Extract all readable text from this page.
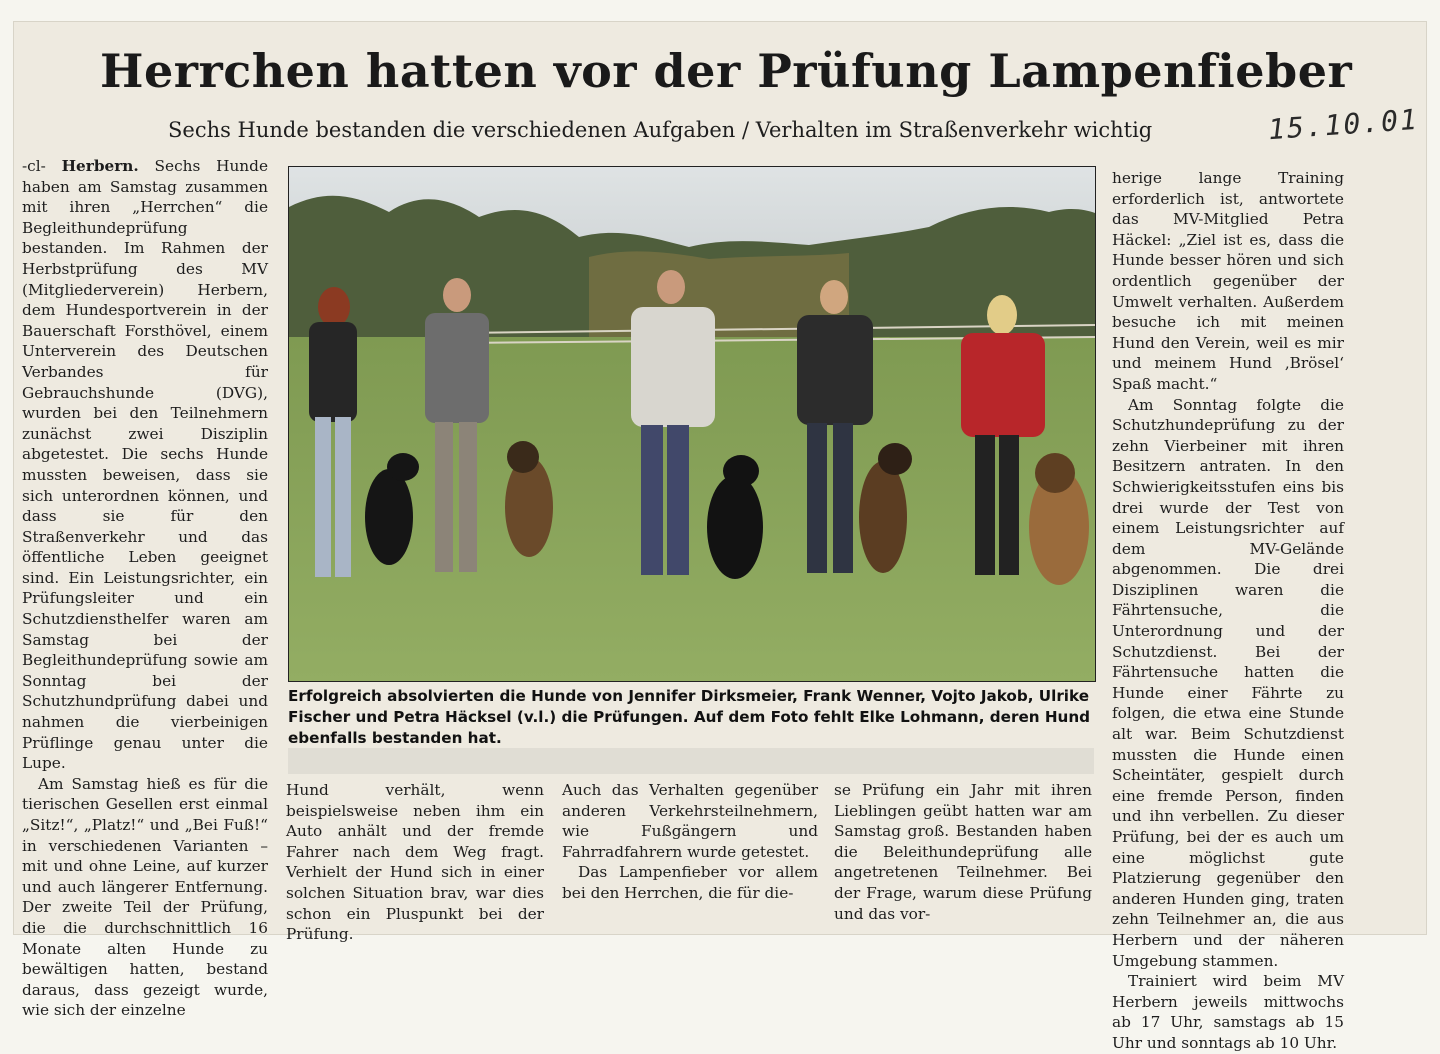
Herrchen hatten vor der Prüfung Lampenfieber
Sechs Hunde bestanden die verschiedenen Aufgaben / Verhalten im Straßenverkehr wichtig	15.10.01

-cl- Herbern. Sechs Hunde haben am Samstag zusammen mit ihren „Herrchen“ die Begleithundeprüfung bestanden. Im Rahmen der Herbstprüfung des MV (Mitgliederverein) Herbern, dem Hundesportverein in der Bauerschaft Forsthövel, einem Unterverein des Deutschen Verbandes für Gebrauchshunde (DVG), wurden bei den Teilnehmern zunächst zwei Disziplin abgetestet. Die sechs Hunde mussten beweisen, dass sie sich unterordnen können, und dass sie für den Straßenverkehr und das öffentliche Leben geeignet sind. Ein Leistungsrichter, ein Prüfungsleiter und ein Schutzdiensthelfer waren am Samstag bei der Begleithundeprüfung sowie am Sonntag bei der Schutzhundprüfung dabei und nahmen die vierbeinigen Prüflinge genau unter die Lupe.

Am Samstag hieß es für die tierischen Gesellen erst einmal „Sitz!“, „Platz!“ und „Bei Fuß!“ in verschiedenen Varianten – mit und ohne Leine, auf kurzer und auch längerer Entfernung. Der zweite Teil der Prüfung, die die durchschnittlich 16 Monate alten Hunde zu bewältigen hatten, bestand daraus, dass gezeigt wurde, wie sich der einzelne

Erfolgreich absolvierten die Hunde von Jennifer Dirksmeier, Frank Wenner, Vojto Jakob, Ulrike Fischer und Petra Häcksel (v.l.) die Prüfungen. Auf dem Foto fehlt Elke Lohmann, deren Hund ebenfalls bestanden hat.

Hund verhält, wenn beispielsweise neben ihm ein Auto anhält und der fremde Fahrer nach dem Weg fragt. Verhielt der Hund sich in einer solchen Situation brav, war dies schon ein Pluspunkt bei der Prüfung.

Auch das Verhalten gegenüber anderen Verkehrsteilnehmern, wie Fußgängern und Fahrradfahrern wurde getestet.

Das Lampenfieber vor allem bei den Herrchen, die für die-

se Prüfung ein Jahr mit ihren Lieblingen geübt hatten war am Samstag groß. Bestanden haben die Beleithundeprüfung alle angetretenen Teilnehmer. Bei der Frage, warum diese Prüfung und das vor-

herige lange Training erforderlich ist, antwortete das MV-Mitglied Petra Häckel: „Ziel ist es, dass die Hunde besser hören und sich ordentlich gegenüber der Umwelt verhalten. Außerdem besuche ich mit meinen Hund den Verein, weil es mir und meinem Hund ‚Brösel‘ Spaß macht.“

Am Sonntag folgte die Schutzhundeprüfung zu der zehn Vierbeiner mit ihren Besitzern antraten. In den Schwierigkeitsstufen eins bis drei wurde der Test von einem Leistungsrichter auf dem MV-Gelände abgenommen. Die drei Disziplinen waren die Fährtensuche, die Unterordnung und der Schutzdienst. Bei der Fährtensuche hatten die Hunde einer Fährte zu folgen, die etwa eine Stunde alt war. Beim Schutzdienst mussten die Hunde einen Scheintäter, gespielt durch eine fremde Person, finden und ihn verbellen. Zu dieser Prüfung, bei der es auch um eine möglichst gute Platzierung gegenüber den anderen Hunden ging, traten zehn Teilnehmer an, die aus Herbern und der näheren Umgebung stammen.

Trainiert wird beim MV Herbern jeweils mittwochs ab 17 Uhr, samstags ab 15 Uhr und sonntags ab 10 Uhr.
